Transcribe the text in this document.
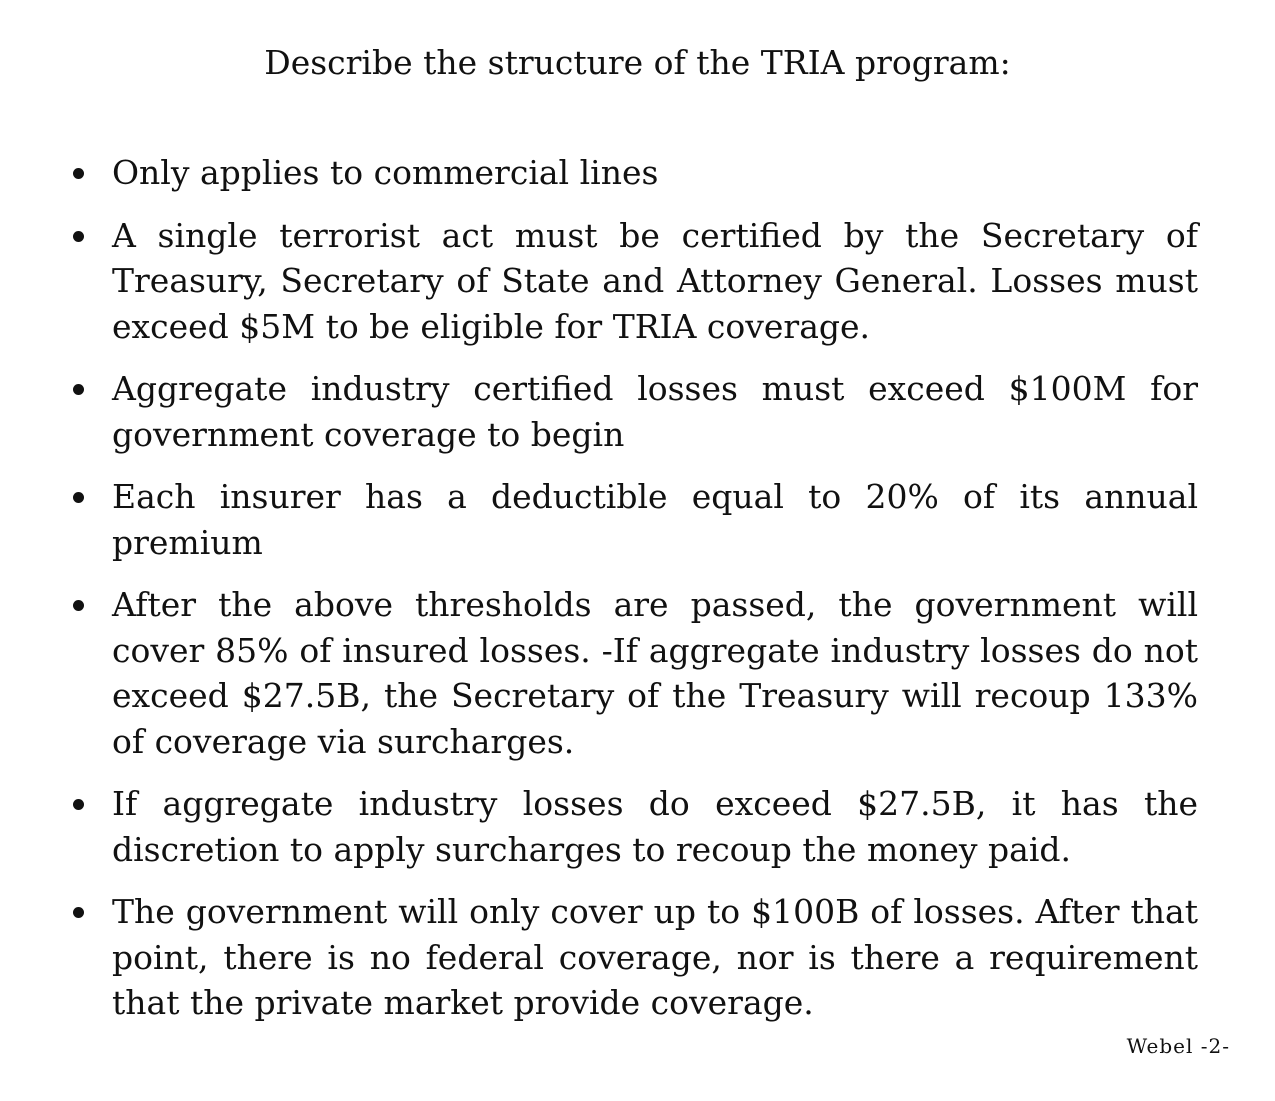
Describe the structure of the TRIA program:
Only applies to commercial lines
A single terrorist act must be certified by the Secretary of Treasury, Secretary of State and Attorney General. Losses must exceed $5M to be eligible for TRIA coverage.
Aggregate industry certified losses must exceed $100M for government coverage to begin
Each insurer has a deductible equal to 20% of its annual premium
After the above thresholds are passed, the government will cover 85% of insured losses. -If aggregate industry losses do not exceed $27.5B, the Secretary of the Treasury will recoup 133% of coverage via surcharges.
If aggregate industry losses do exceed $27.5B, it has the discretion to apply surcharges to recoup the money paid.
The government will only cover up to $100B of losses. After that point, there is no federal coverage, nor is there a requirement that the private market provide coverage.
Webel -2-
